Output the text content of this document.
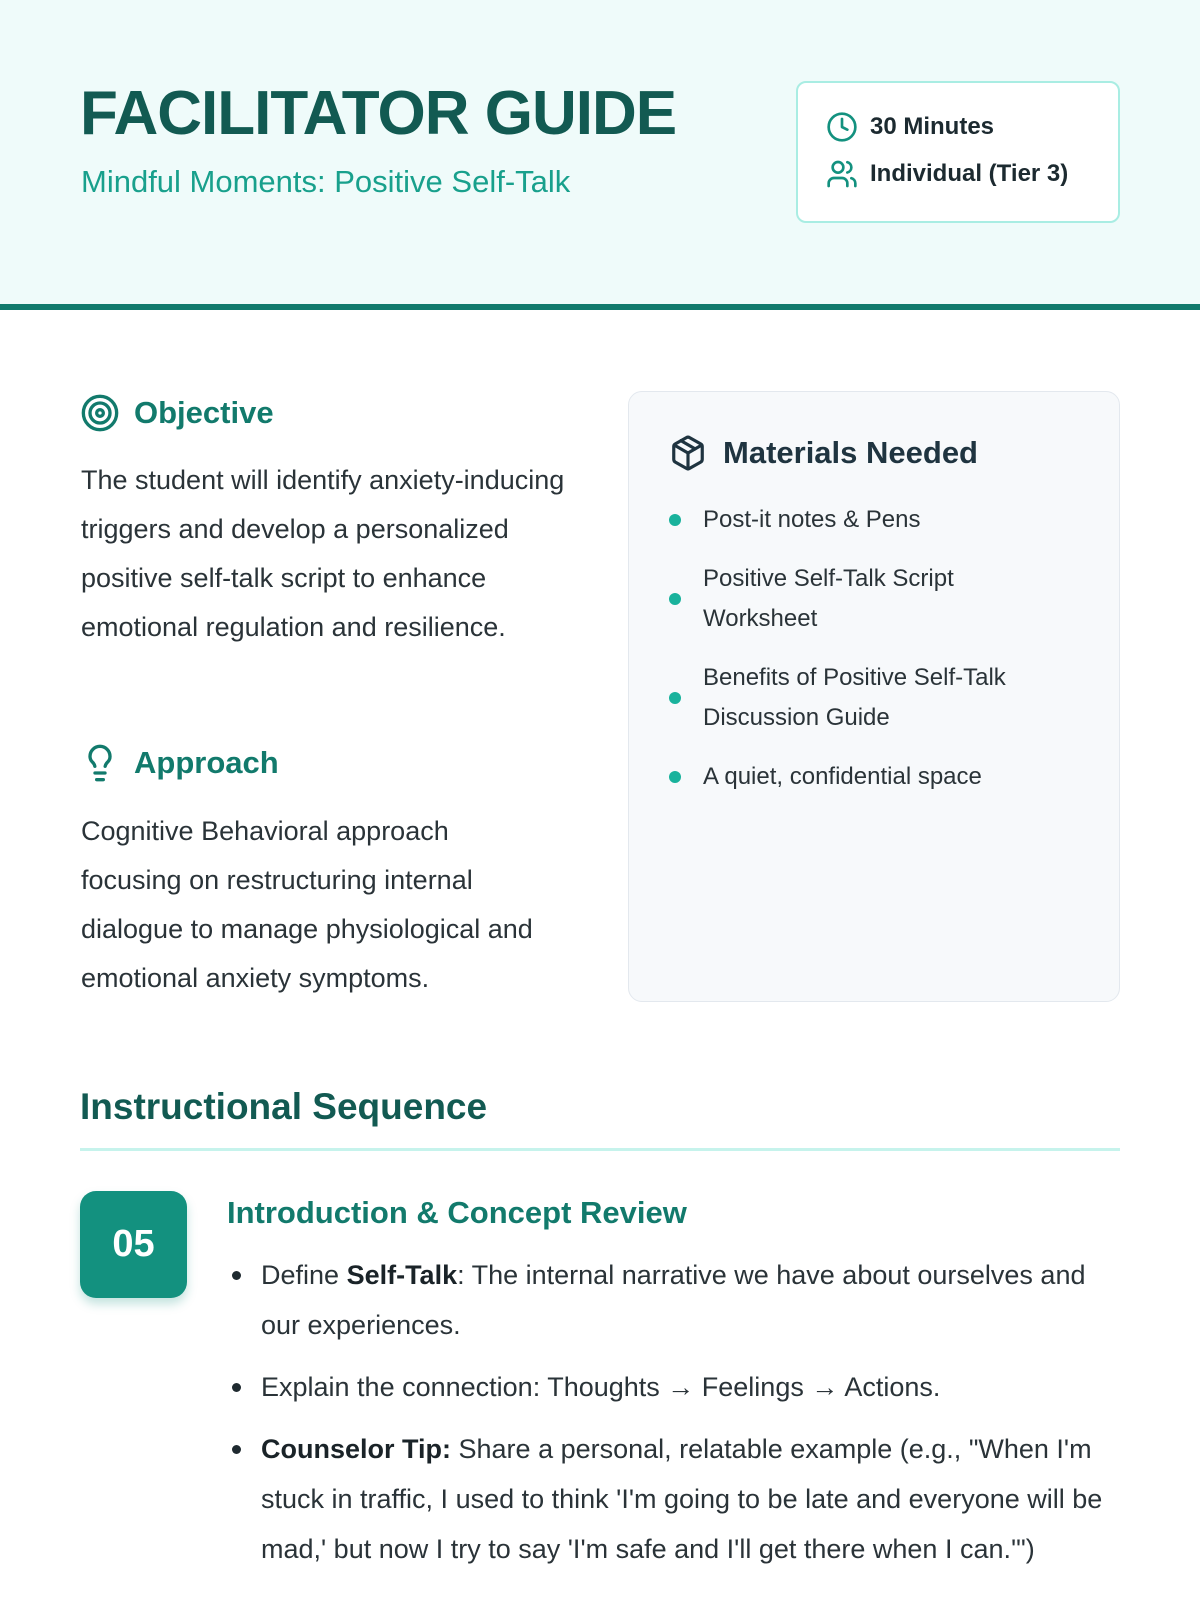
FACILITATOR GUIDE
Mindful Moments: Positive Self-Talk
30 Minutes
Individual (Tier 3)
Objective

The student will identify anxiety-inducing triggers and develop a personalized positive self-talk script to enhance emotional regulation and resilience.

Approach

Cognitive Behavioral approach focusing on restructuring internal dialogue to manage physiological and emotional anxiety symptoms.

Materials Needed
Post-it notes & Pens
Positive Self-Talk Script Worksheet
Benefits of Positive Self-Talk Discussion Guide
A quiet, confidential space
Instructional Sequence
05
Introduction & Concept Review
Define Self-Talk: The internal narrative we have about ourselves and our experiences.
Explain the connection: Thoughts → Feelings → Actions.
Counselor Tip: Share a personal, relatable example (e.g., "When I'm stuck in traffic, I used to think 'I'm going to be late and everyone will be mad,' but now I try to say 'I'm safe and I'll get there when I can.'")
